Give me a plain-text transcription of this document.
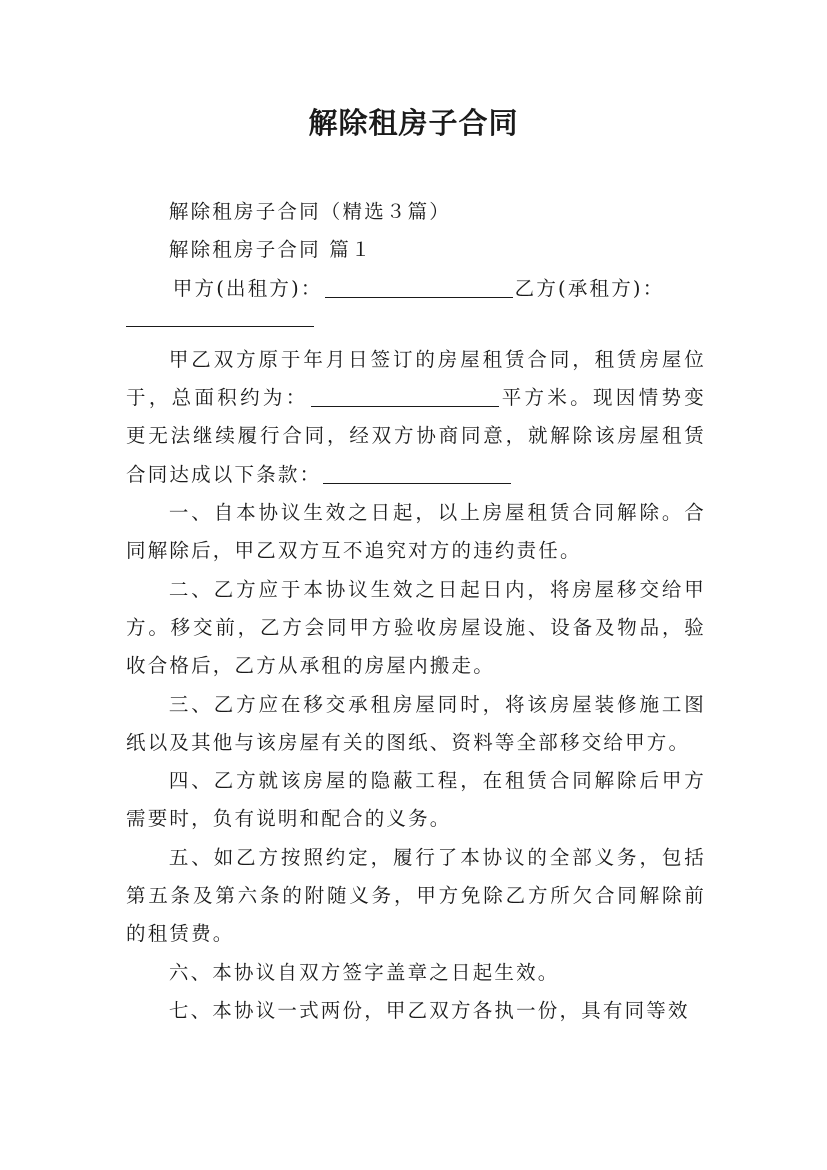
解除租房子合同

解除租房子合同（精选３篇）

解除租房子合同 篇１

甲方(出租方)：	乙方(承租方)：

甲乙双方原于年月日签订的房屋租赁合同，租赁房屋位于，总面积约为：	平方米。现因情势变更无法继续履行合同，经双方协商同意，就解除该房屋租赁合同达成以下条款：

一、自本协议生效之日起，以上房屋租赁合同解除。合同解除后，甲乙双方互不追究对方的违约责任。

二、乙方应于本协议生效之日起日内，将房屋移交给甲方。移交前，乙方会同甲方验收房屋设施、设备及物品，验收合格后，乙方从承租的房屋内搬走。

三、乙方应在移交承租房屋同时，将该房屋装修施工图纸以及其他与该房屋有关的图纸、资料等全部移交给甲方。

四、乙方就该房屋的隐蔽工程，在租赁合同解除后甲方需要时，负有说明和配合的义务。

五、如乙方按照约定，履行了本协议的全部义务，包括第五条及第六条的附随义务，甲方免除乙方所欠合同解除前的租赁费。

六、本协议自双方签字盖章之日起生效。

七、本协议一式两份，甲乙双方各执一份，具有同等效
